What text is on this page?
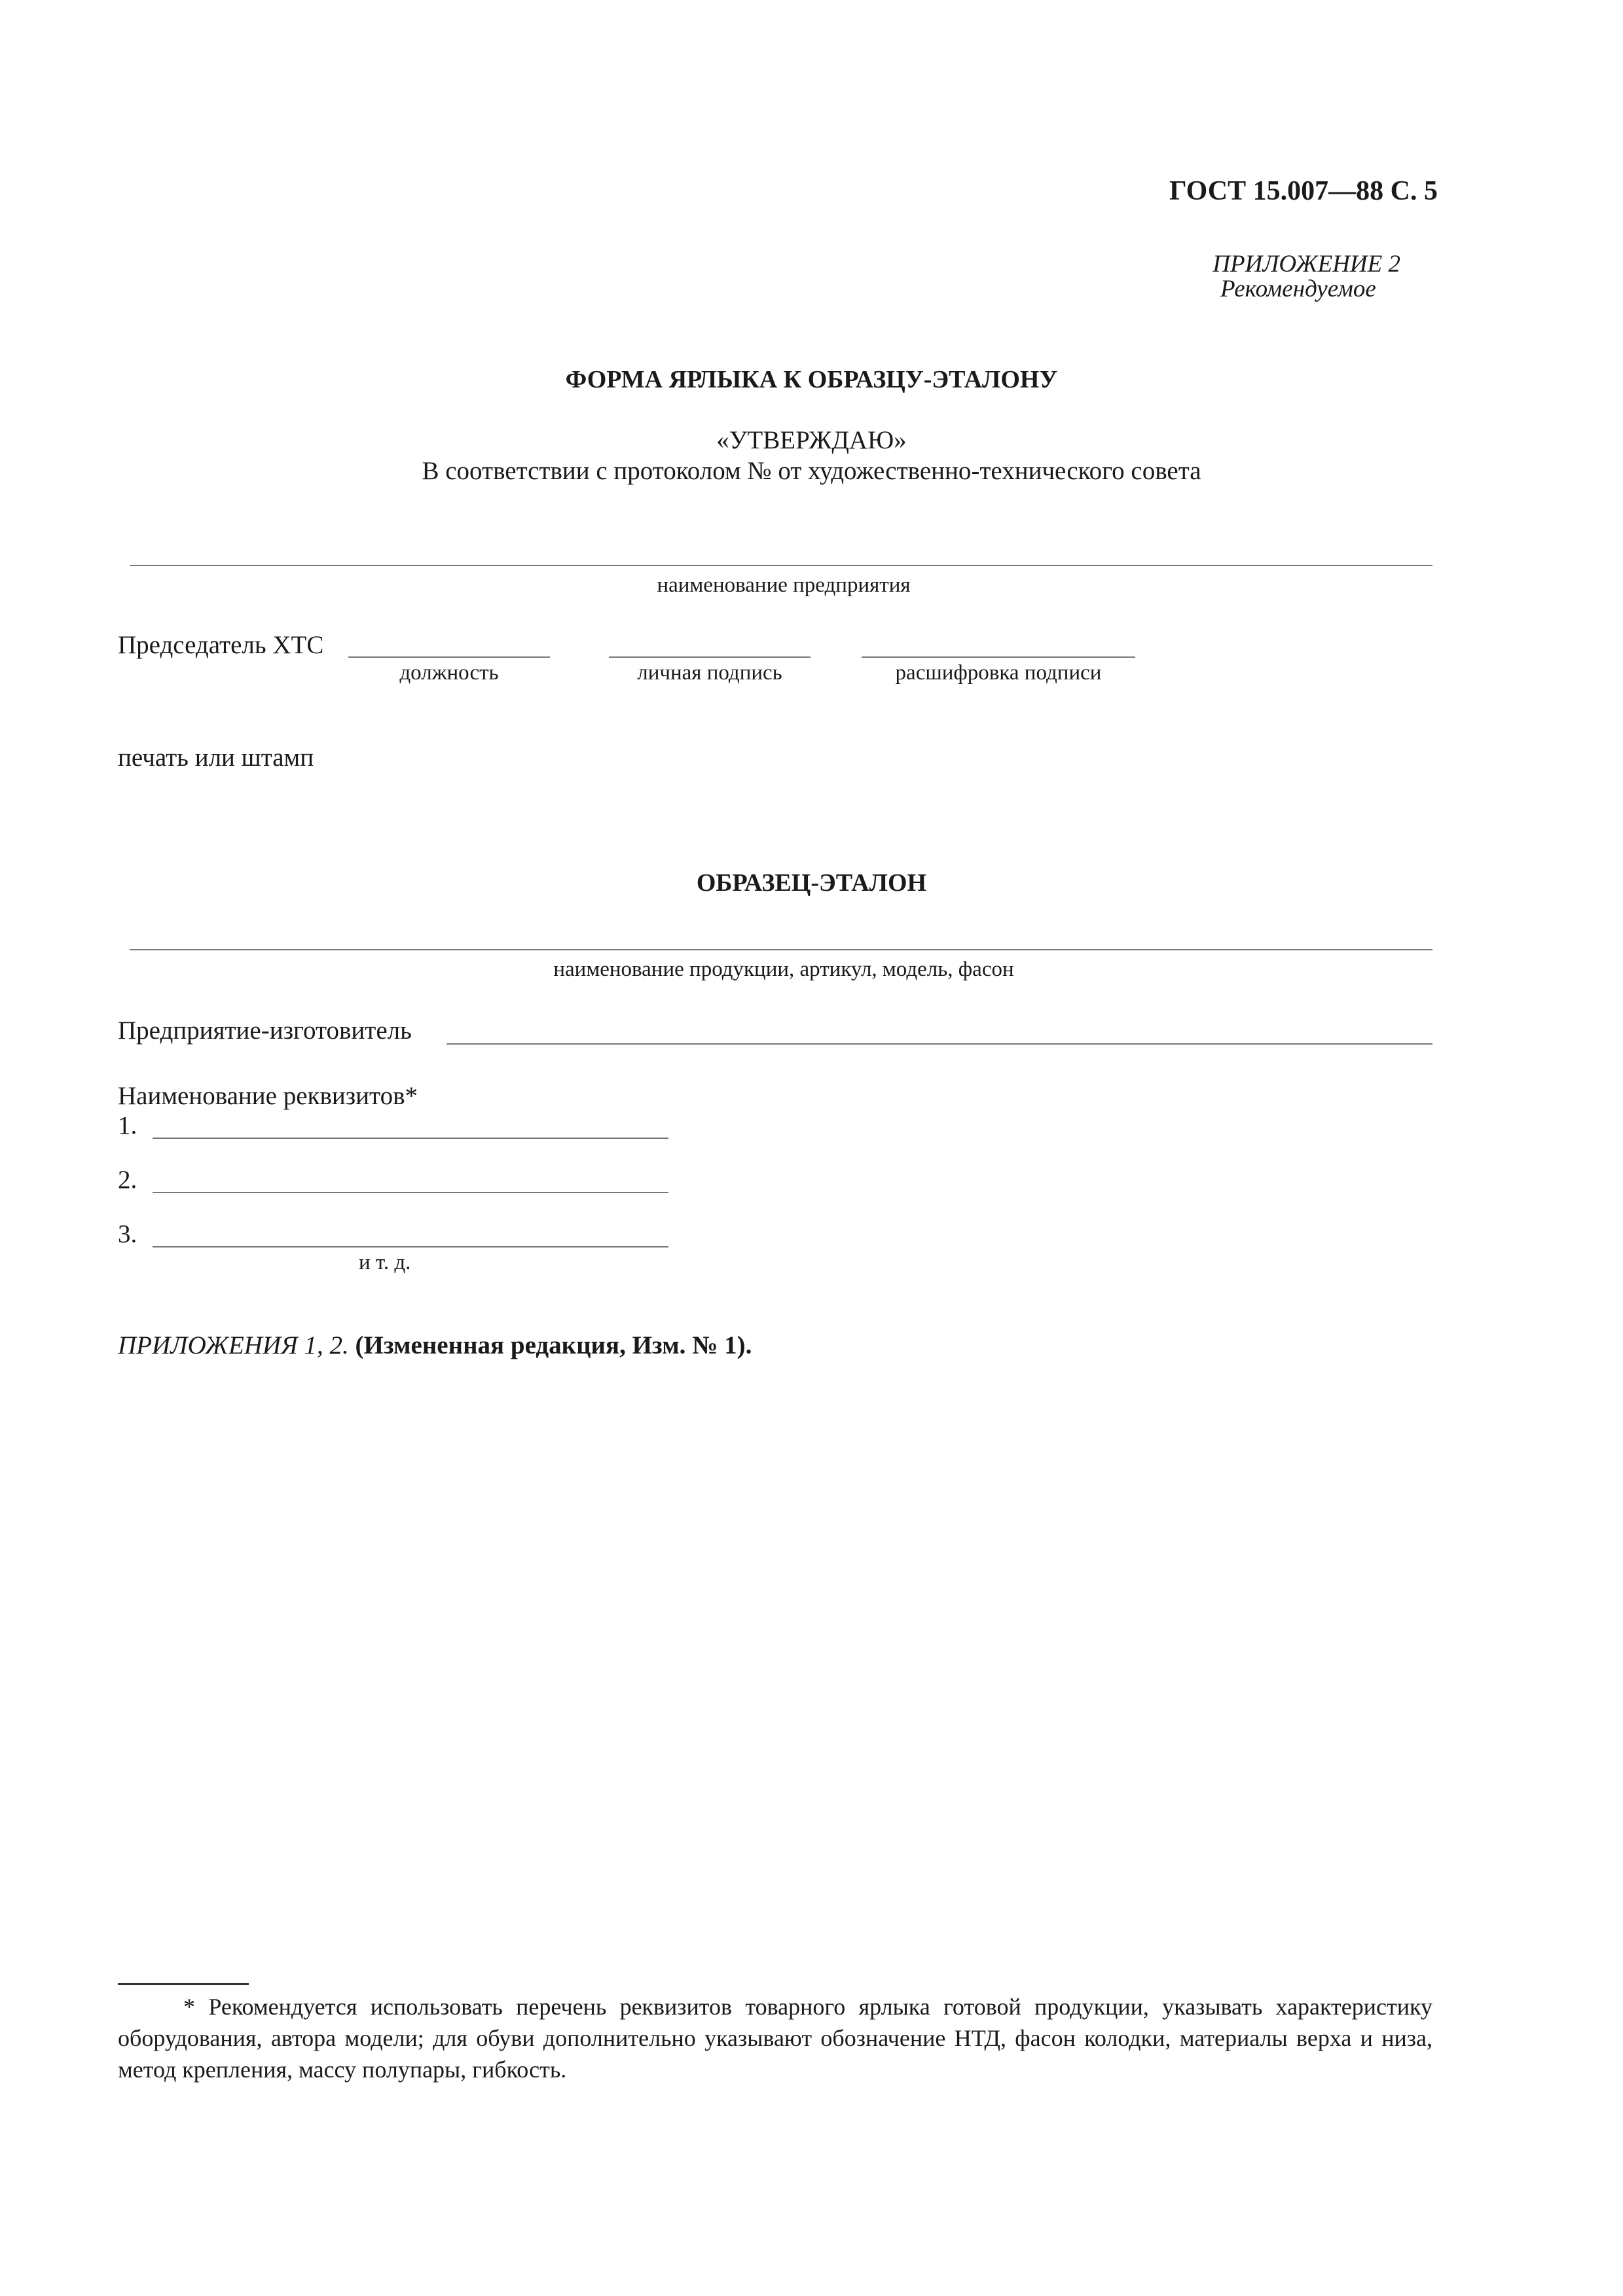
ГОСТ 15.007—88 С. 5
ПРИЛОЖЕНИЕ 2
Рекомендуемое
ФОРМА ЯРЛЫКА К ОБРАЗЦУ-ЭТАЛОНУ
«УТВЕРЖДАЮ»
В соответствии с протоколом № от художественно-технического совета
наименование предприятия
Председатель ХТС
должность	личная подпись	расшифровка подписи
печать или штамп
ОБРАЗЕЦ-ЭТАЛОН
наименование продукции, артикул, модель, фасон
Предприятие-изготовитель
Наименование реквизитов*
1.
2.
3.
и т. д.
ПРИЛОЖЕНИЯ 1, 2. (Измененная редакция, Изм. № 1).
* Рекомендуется использовать перечень реквизитов товарного ярлыка готовой продукции, указывать характеристику оборудования, автора модели; для обуви дополнительно указывают обозначение НТД, фасон колодки, материалы верха и низа, метод крепления, массу полупары, гибкость.
